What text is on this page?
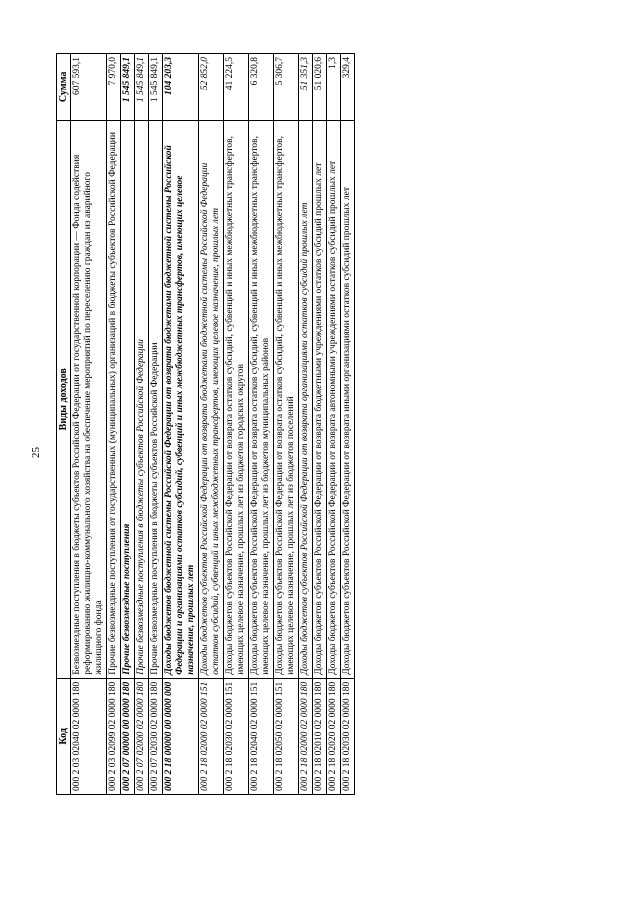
25
Код	Виды доходов	Сумма
000 2 03 02040 02 0000 180	Безвозмездные поступления в бюджеты субъектов Российской Федерации от государственной корпорации — Фонда содействия реформированию жилищно-коммунального хозяйства на обеспечение мероприятий по переселению граждан из аварийного жилищного фонда	607 593,1
000 2 03 02099 02 0000 180	Прочие безвозмездные поступления от государственных (муниципальных) организаций в бюджеты субъектов Российской Федерации	7 970,0
000 2 07 00000 00 0000 180	Прочие безвозмездные поступления	1 545 849,1
000 2 07 02000 02 0000 180	Прочие безвозмездные поступления в бюджеты субъектов Российской Федерации	1 545 849,1
000 2 07 02030 02 0000 180	Прочие безвозмездные поступления в бюджеты субъектов Российской Федерации	1 545 849,1
000 2 18 00000 00 0000 000	Доходы бюджетов бюджетной системы Российской Федерации от возврата бюджетами бюджетной системы Российской Федерации и организациями остатков субсидий, субвенций и иных межбюджетных трансфертов, имеющих целевое назначение, прошлых лет	104 203,3
000 2 18 02000 02 0000 151	Доходы бюджетов субъектов Российской Федерации от возврата бюджетами бюджетной системы Российской Федерации остатков субсидий, субвенций и иных межбюджетных трансфертов, имеющих целевое назначение, прошлых лет	52 852,0
000 2 18 02030 02 0000 151	Доходы бюджетов субъектов Российской Федерации от возврата остатков субсидий, субвенций и иных межбюджетных трансфертов, имеющих целевое назначение, прошлых лет из бюджетов городских округов	41 224,5
000 2 18 02040 02 0000 151	Доходы бюджетов субъектов Российской Федерации от возврата остатков субсидий, субвенций и иных межбюджетных трансфертов, имеющих целевое назначение, прошлых лет из бюджетов муниципальных районов	6 320,8
000 2 18 02050 02 0000 151	Доходы бюджетов субъектов Российской Федерации от возврата остатков субсидий, субвенций и иных межбюджетных трансфертов, имеющих целевое назначение, прошлых лет из бюджетов поселений	5 306,7
000 2 18 02000 02 0000 180	Доходы бюджетов субъектов Российской Федерации от возврата организациями остатков субсидий прошлых лет	51 351,3
000 2 18 02010 02 0000 180	Доходы бюджетов субъектов Российской Федерации от возврата бюджетными учреждениями остатков субсидий прошлых лет	51 020,6
000 2 18 02020 02 0000 180	Доходы бюджетов субъектов Российской Федерации от возврата автономными учреждениями остатков субсидий прошлых лет	1,3
000 2 18 02030 02 0000 180	Доходы бюджетов субъектов Российской Федерации от возврата иными организациями остатков субсидий прошлых лет	329,4
